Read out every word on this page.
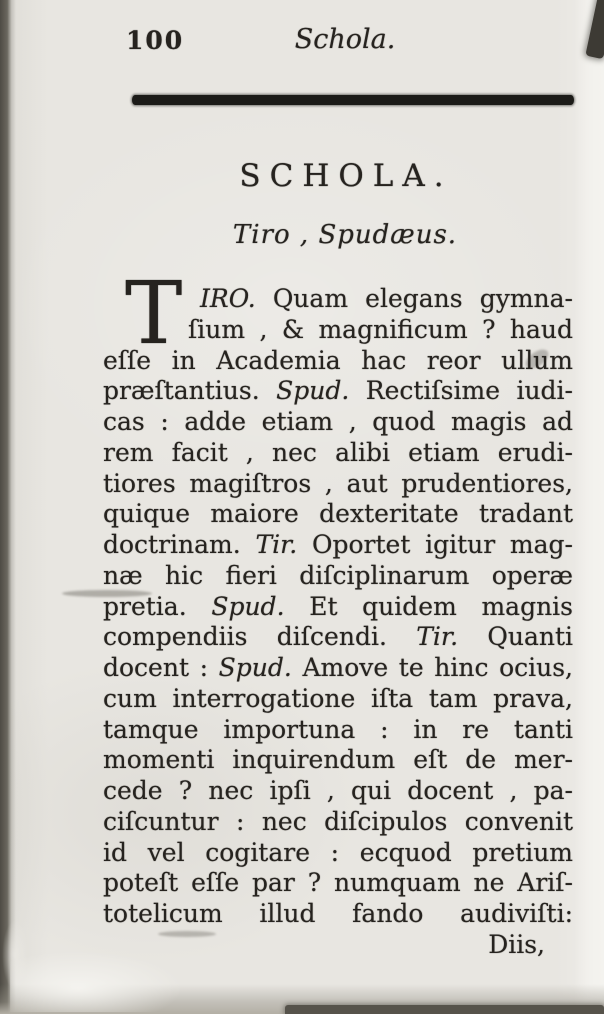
100	Schola.
SCHOLA.
Tiro , Spudæus.
T IRO. Quam elegans gymna-
ſium , & magnificum ? haud
eſſe in Academia hac reor ullum
præſtantius. Spud. Rectiſsime iudi-
cas : adde etiam , quod magis ad
rem facit , nec alibi etiam erudi-
tiores magiſtros , aut prudentiores,
quique maiore dexteritate tradant
doctrinam. Tir. Oportet igitur mag-
næ hic fieri diſciplinarum operæ
pretia. Spud. Et quidem magnis
compendiis diſcendi. Tir. Quanti
docent : Spud. Amove te hinc ocius,
cum interrogatione iſta tam prava,
tamque importuna : in re tanti
momenti inquirendum eſt de mer-
cede ? nec ipſi , qui docent , pa-
ciſcuntur : nec diſcipulos convenit
id vel cogitare : ecquod pretium
poteſt eſſe par ? numquam ne Ariſ-
totelicum illud fando audiviſti:
Diis,
